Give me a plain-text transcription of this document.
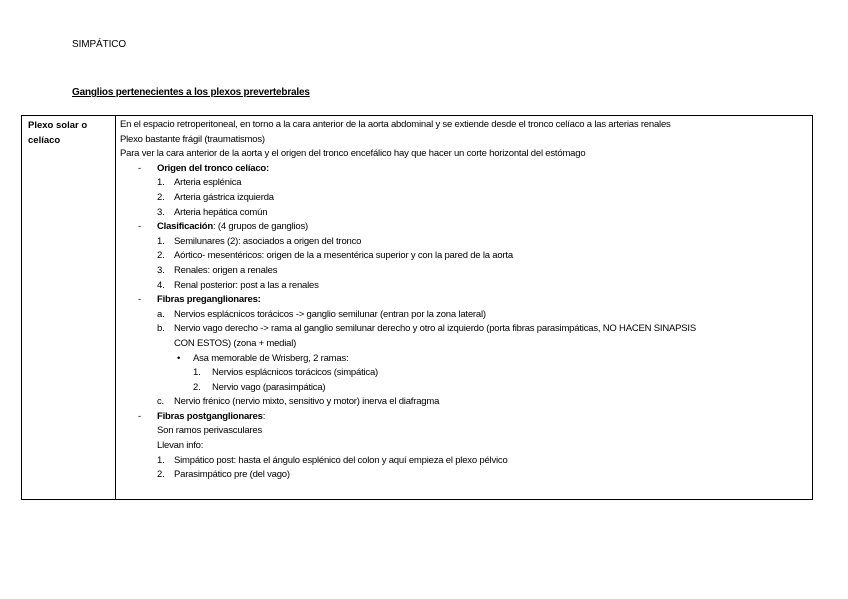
SIMPÁTICO
Ganglios pertenecientes a los plexos prevertebrales
Plexo solar o
celíaco
En el espacio retroperitoneal, en torno a la cara anterior de la aorta abdominal y se extiende desde el tronco celíaco a las arterias renales
Plexo bastante frágil (traumatismos)
Para ver la cara anterior de la aorta y el origen del tronco encefálico hay que hacer un corte horizontal del estómago
- Origen del tronco celíaco:
1. Arteria esplénica
2. Arteria gástrica izquierda
3. Arteria hepática común
- Clasificación: (4 grupos de ganglios)
1. Semilunares (2): asociados a origen del tronco
2. Aórtico- mesentéricos: origen de la a mesentérica superior y con la pared de la aorta
3. Renales: origen a renales
4. Renal posterior: post a las a renales
- Fibras preganglionares:
a. Nervios esplácnicos torácicos -> ganglio semilunar (entran por la zona lateral)
b. Nervio vago derecho -> rama al ganglio semilunar derecho y otro al izquierdo (porta fibras parasimpáticas, NO HACEN SINAPSIS
CON ESTOS) (zona + medial)
• Asa memorable de Wrisberg, 2 ramas:
1. Nervios esplácnicos torácicos (simpática)
2. Nervio vago (parasimpática)
c. Nervio frénico (nervio mixto, sensitivo y motor) inerva el diafragma
- Fibras postganglionares:
Son ramos perivasculares
Llevan info:
1. Simpático post: hasta el ángulo esplénico del colon y aquí empieza el plexo pélvico
2. Parasimpático pre (del vago)
